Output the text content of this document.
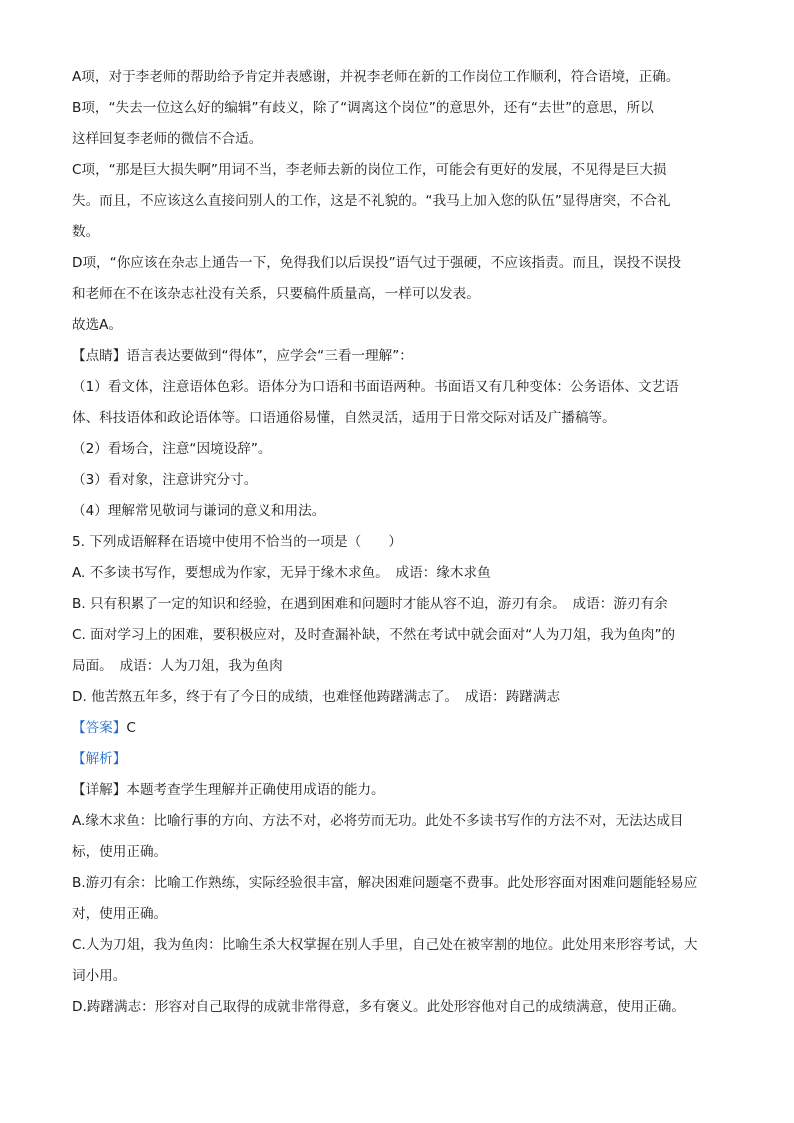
A项，对于李老师的帮助给予肯定并表感谢，并祝李老师在新的工作岗位工作顺利，符合语境，正确。

B项，“失去一位这么好的编辑”有歧义，除了“调离这个岗位”的意思外，还有“去世”的意思，所以

这样回复李老师的微信不合适。

C项，“那是巨大损失啊”用词不当，李老师去新的岗位工作，可能会有更好的发展，不见得是巨大损

失。而且，不应该这么直接问别人的工作，这是不礼貌的。“我马上加入您的队伍”显得唐突，不合礼

数。

D项，“你应该在杂志上通告一下，免得我们以后误投”语气过于强硬，不应该指责。而且，误投不误投

和老师在不在该杂志社没有关系，只要稿件质量高，一样可以发表。

故选A。

【点睛】语言表达要做到“得体”，应学会“三看一理解”：

（1）看文体，注意语体色彩。语体分为口语和书面语两种。书面语又有几种变体：公务语体、文艺语

体、科技语体和政论语体等。口语通俗易懂，自然灵活，适用于日常交际对话及广播稿等。

（2）看场合，注意“因境设辞”。

（3）看对象，注意讲究分寸。

（4）理解常见敬词与谦词的意义和用法。

5. 下列成语解释在语境中使用不恰当的一项是（　　）

A. 不多读书写作，要想成为作家，无异于缘木求鱼。　成语：缘木求鱼

B. 只有积累了一定的知识和经验，在遇到困难和问题时才能从容不迫，游刃有余。　成语：游刃有余

C. 面对学习上的困难，要积极应对，及时查漏补缺，不然在考试中就会面对“人为刀俎，我为鱼肉”的

局面。　成语：人为刀俎，我为鱼肉

D. 他苦熬五年多，终于有了今日的成绩，也难怪他踌躇满志了。　成语：踌躇满志

【答案】C

【解析】

【详解】本题考查学生理解并正确使用成语的能力。

A.缘木求鱼：比喻行事的方向、方法不对，必将劳而无功。此处不多读书写作的方法不对，无法达成目

标，使用正确。

B.游刃有余：比喻工作熟练，实际经验很丰富，解决困难问题毫不费事。此处形容面对困难问题能轻易应

对，使用正确。

C.人为刀俎，我为鱼肉：比喻生杀大权掌握在别人手里，自己处在被宰割的地位。此处用来形容考试，大

词小用。

D.踌躇满志：形容对自己取得的成就非常得意，多有褒义。此处形容他对自己的成绩满意，使用正确。
